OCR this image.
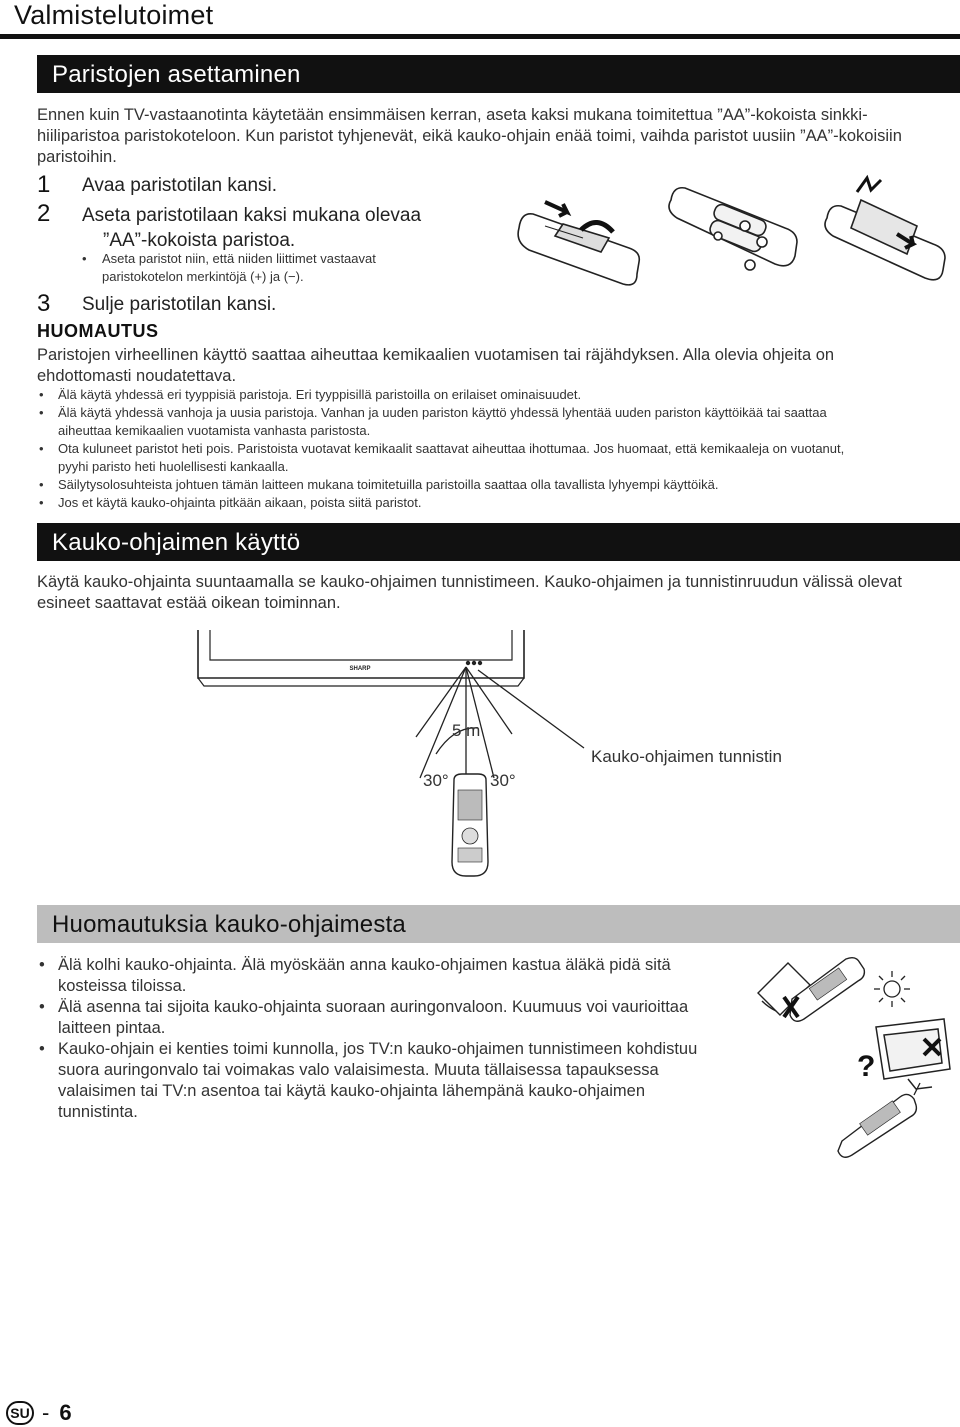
Valmistelutoimet
Paristojen asettaminen
Ennen kuin TV-vastaanotinta käytetään ensimmäisen kerran, aseta kaksi mukana toimitettua ”AA”-kokoista sinkki-
hiiliparistoa paristokoteloon. Kun paristot tyhjenevät, eikä kauko-ohjain enää toimi, vaihda paristot uusiin ”AA”-kokoisiin
paristoihin.
1 Avaa paristotilan kansi.
2 Aseta paristotilaan kaksi mukana olevaa
”AA”-kokoista paristoa.
•	Aseta paristot niin, että niiden liittimet vastaavat
paristokotelon merkintöjä (+) ja (−).
3 Sulje paristotilan kansi.
HUOMAUTUS
Paristojen virheellinen käyttö saattaa aiheuttaa kemikaalien vuotamisen tai räjähdyksen. Alla olevia ohjeita on
ehdottomasti noudatettava.
• Älä käytä yhdessä eri tyyppisiä paristoja. Eri tyyppisillä paristoilla on erilaiset ominaisuudet.
• Älä käytä yhdessä vanhoja ja uusia paristoja. Vanhan ja uuden pariston käyttö yhdessä lyhentää uuden pariston käyttöikää tai saattaa
aiheuttaa kemikaalien vuotamista vanhasta paristosta.
• Ota kuluneet paristot heti pois. Paristoista vuotavat kemikaalit saattavat aiheuttaa ihottumaa. Jos huomaat, että kemikaaleja on vuotanut,
pyyhi paristo heti huolellisesti kankaalla.
• Säilytysolosuhteista johtuen tämän laitteen mukana toimitetuilla paristoilla saattaa olla tavallista lyhyempi käyttöikä.
• Jos et käytä kauko-ohjainta pitkään aikaan, poista siitä paristot.
Kauko-ohjaimen käyttö
Käytä kauko-ohjainta suuntaamalla se kauko-ohjaimen tunnistimeen. Kauko-ohjaimen ja tunnistinruudun välissä olevat
esineet saattavat estää oikean toiminnan.
SHARP
5 m
30° 30°
Kauko-ohjaimen tunnistin
Huomautuksia kauko-ohjaimesta
• Älä kolhi kauko-ohjainta. Älä myöskään anna kauko-ohjaimen kastua äläkä pidä sitä
kosteissa tiloissa.
• Älä asenna tai sijoita kauko-ohjainta suoraan auringonvaloon. Kuumuus voi vaurioittaa
laitteen pintaa.
• Kauko-ohjain ei kenties toimi kunnolla, jos TV:n kauko-ohjaimen tunnistimeen kohdistuu
suora auringonvalo tai voimakas valo valaisimesta. Muuta tällaisessa tapauksessa
valaisimen tai TV:n asentoa tai käytä kauko-ohjainta lähempänä kauko-ohjaimen
tunnistinta.
?
SU - 6
